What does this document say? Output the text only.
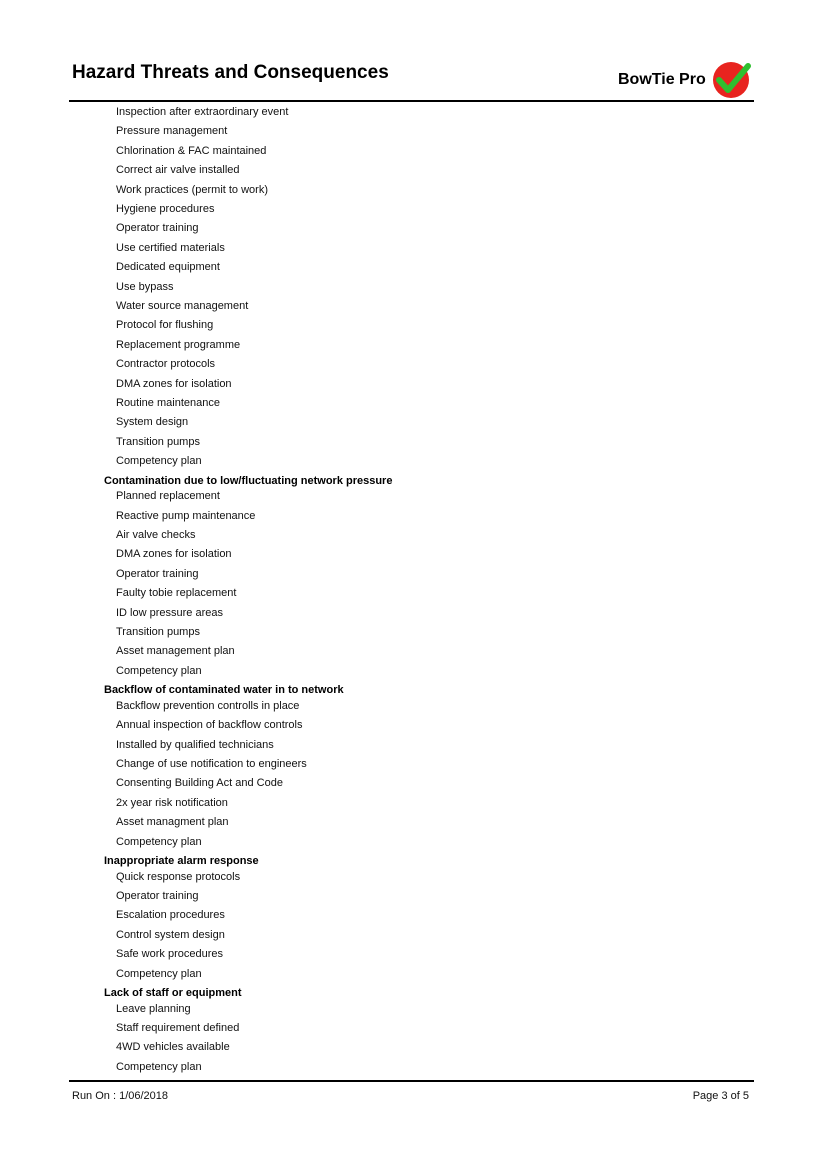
Hazard Threats and Consequences	BowTie Pro
Inspection after extraordinary event
Pressure management
Chlorination & FAC maintained
Correct air valve installed
Work practices (permit to work)
Hygiene procedures
Operator training
Use certified materials
Dedicated equipment
Use bypass
Water source management
Protocol for flushing
Replacement programme
Contractor protocols
DMA zones for isolation
Routine maintenance
System design
Transition pumps
Competency plan
Contamination due to low/fluctuating network pressure
Planned replacement
Reactive pump maintenance
Air valve checks
DMA zones for isolation
Operator training
Faulty tobie replacement
ID low pressure areas
Transition pumps
Asset management plan
Competency plan
Backflow of contaminated water in to network
Backflow prevention controlls in place
Annual inspection of backflow controls
Installed by qualified technicians
Change of use notification to engineers
Consenting Building Act and Code
2x year risk notification
Asset managment plan
Competency plan
Inappropriate alarm response
Quick response protocols
Operator training
Escalation procedures
Control system design
Safe work procedures
Competency plan
Lack of staff or equipment
Leave planning
Staff requirement defined
4WD vehicles available
Competency plan
Run On : 1/06/2018	Page 3 of 5
